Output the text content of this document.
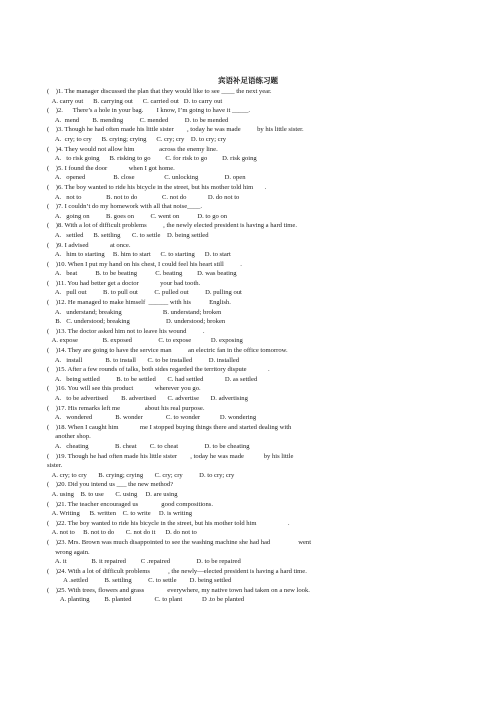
宾语补足语练习题
(    )1. The manager discussed the plan that they would like to see ____ the next year.
A. carry out      B. carrying out      C. carried out   D. to carry out
(    )2.      There’s a hole in your bag.        I know, I’m going to have it _____.
A.  mend        B. mending          C. mended          D. to be mended
(    )3. Though he had often made his little sister        , today he was made          by his little sister.
A.  cry; to cry      B. crying; crying      C. cry; cry    D. to cry; cry
(    )4. They would not allow him               across the enemy line.
A.   to risk going      B. risking to go         C. for risk to go         D. risk going
(    )5. I found the door             when I got home.
A.   opened                 B. close                  C. unlocking                D. open
(    )6. The boy wanted to ride his bicycle in the street, but his mother told him       .
A.   not to               B. not to do               C. not do             D. do not to
(    )7. I couldn’t do my homework with all that noise____.
A.   going on          B. goes on          C. went on           D. to go on
(    )8. With a lot of difficult problems          , the newly elected president is having a hard time.
A.   settled      B. settling       C. to settle    D. being settled
(    )9. I advised             at once.
A.   him to starting     B. him to start      C. to starting      D. to start
(    )10. When I put my hand on his chest, I could feel his heart still          .
A.   beat           B. to be beating           C. beating         D. was beating
(    )11. You had better get a doctor             your bad tooth.
A.   pull out          B. to pull out          C. pulled out          D. pulling out
(    )12. He managed to make himself  ______ with his           English.
A.   understand; breaking                         B. understand; broken
B.   C. understood; breaking                      D. understood; broken
(    )13. The doctor asked him not to leave his wound          .
A. expose               B. exposed                C. to expose            D. exposing
(    )14. They are going to have the service man          an electric fan in the office tomorrow.
A.   install              B. to install       C. to be installed          D. installed
(    )15. After a few rounds of talks, both sides regarded the territory dispute             .
A.   being settled          B. to be settled       C. had settled             D. as settled
(    )16. You will see this product             wherever you go.
A.   to be advertised        B. advertised       C. advertise       D. advertising
(    )17. His remarks left me               about his real purpose.
A.   wondered              B. wonder              C. to wonder            D. wondering
(    )18. When I caught him             me I stopped buying things there and started dealing with
another shop.
A.   cheating                B. cheat        C. to cheat                D. to be cheating
(    )19. Though he had often made his little sister        , today he was made            by his little
sister.
A. cry; to cry       B. crying; crying       C. cry; cry          D. to cry; cry
(    )20. Did you intend us ___ the new method?
A. using    B. to use       C. using     D. are using
(    )21. The teacher encouraged us              good compositions.
A. Writing      B. written    C. to write     D. is writing
(    )22. The boy wanted to ride his bicycle in the street, but his mother told him                   .
A. not to     B. not to do       C. not do it      D. do not to
(    )23. Mrs. Brown was much disappointed to see the washing machine she had had                 went
wrong again.
A. it               B. it repaired         C .repaired                D. to be repaired
(    )24. With a lot of difficult problems           , the newly—elected president is having a hard time.
A .settled          B. settling          C. to settle        D. being settled
(    )25. With trees, flowers and grass              everywhere, my native town had taken on a new look.
A. planting         B. planted              C. to plant            D .to be planted
